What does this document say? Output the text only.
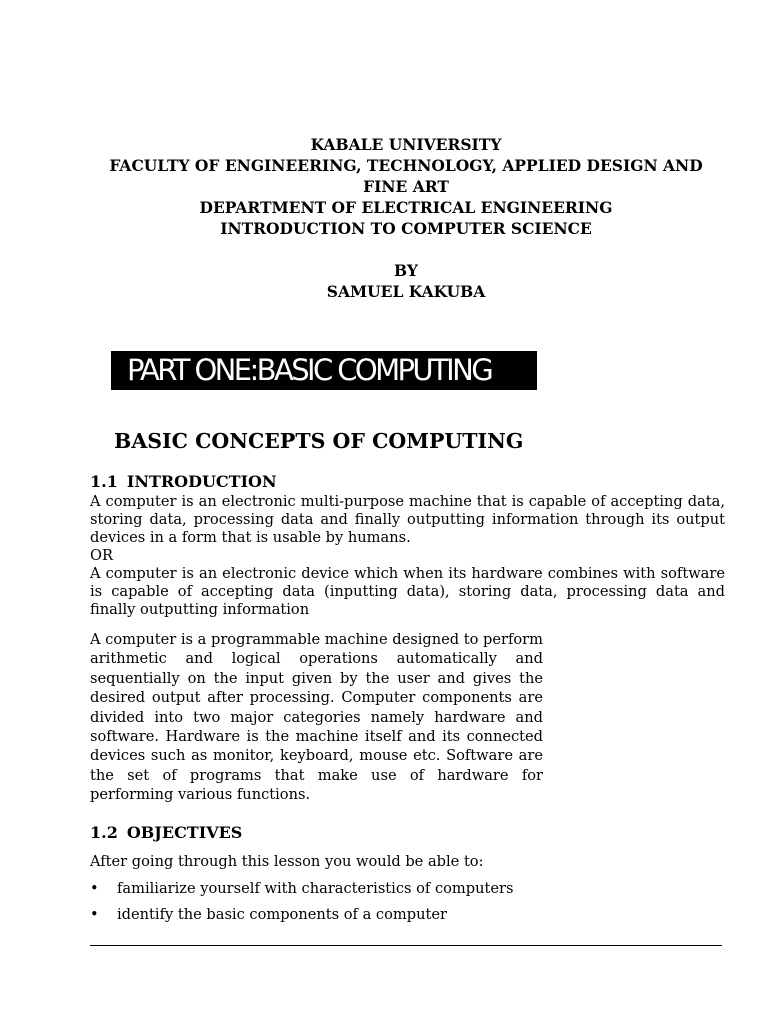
KABALE UNIVERSITY
FACULTY OF ENGINEERING, TECHNOLOGY, APPLIED DESIGN AND
FINE ART
DEPARTMENT OF ELECTRICAL ENGINEERING
INTRODUCTION TO COMPUTER SCIENCE
BY
SAMUEL KAKUBA
PART ONE:BASIC COMPUTING
BASIC CONCEPTS OF COMPUTING
1.1 INTRODUCTION

A computer is an electronic multi-purpose machine that is capable of accepting data, storing data, processing data and finally outputting information through its output devices in a form that is usable by humans.

OR

A computer is an electronic device which when its hardware combines with software is capable of accepting data (inputting data), storing data, processing data and finally outputting information

A computer is a programmable machine designed to perform arithmetic and logical operations automatically and sequentially on the input given by the user and gives the desired output after processing. Computer components are divided into two major categories namely hardware and software. Hardware is the machine itself and its connected devices such as monitor, keyboard, mouse etc. Software are the set of programs that make use of hardware for performing various functions.
1.2 OBJECTIVES
After going through this lesson you would be able to:
• familiarize yourself with characteristics of computers
• identify the basic components of a computer
